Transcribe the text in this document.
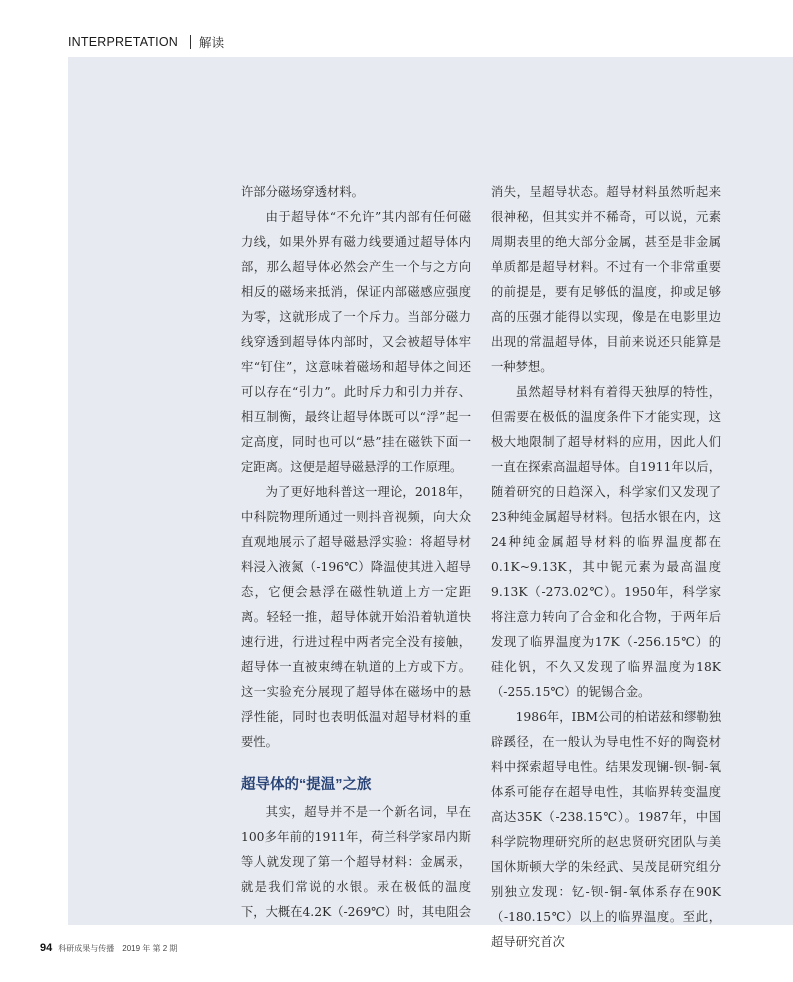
INTERPRETATION 解读

许部分磁场穿透材料。

由于超导体“不允许”其内部有任何磁力线，如果外界有磁力线要通过超导体内部，那么超导体必然会产生一个与之方向相反的磁场来抵消，保证内部磁感应强度为零，这就形成了一个斥力。当部分磁力线穿透到超导体内部时，又会被超导体牢牢“钉住”，这意味着磁场和超导体之间还可以存在“引力”。此时斥力和引力并存、相互制衡，最终让超导体既可以“浮”起一定高度，同时也可以“悬”挂在磁铁下面一定距离。这便是超导磁悬浮的工作原理。

为了更好地科普这一理论，2018年，中科院物理所通过一则抖音视频，向大众直观地展示了超导磁悬浮实验：将超导材料浸入液氮（-196℃）降温使其进入超导态，它便会悬浮在磁性轨道上方一定距离。轻轻一推，超导体就开始沿着轨道快速行进，行进过程中两者完全没有接触，超导体一直被束缚在轨道的上方或下方。这一实验充分展现了超导体在磁场中的悬浮性能，同时也表明低温对超导材料的重要性。

超导体的“提温”之旅

其实，超导并不是一个新名词，早在100多年前的1911年，荷兰科学家昂内斯等人就发现了第一个超导材料：金属汞，就是我们常说的水银。汞在极低的温度下，大概在4.2K（-269℃）时，其电阻会

消失，呈超导状态。超导材料虽然听起来很神秘，但其实并不稀奇，可以说，元素周期表里的绝大部分金属，甚至是非金属单质都是超导材料。不过有一个非常重要的前提是，要有足够低的温度，抑或足够高的压强才能得以实现，像是在电影里边出现的常温超导体，目前来说还只能算是一种梦想。

虽然超导材料有着得天独厚的特性，但需要在极低的温度条件下才能实现，这极大地限制了超导材料的应用，因此人们一直在探索高温超导体。自1911年以后，随着研究的日趋深入，科学家们又发现了23种纯金属超导材料。包括水银在内，这24种纯金属超导材料的临界温度都在0.1K~9.13K，其中铌元素为最高温度9.13K（-273.02℃）。1950年，科学家将注意力转向了合金和化合物，于两年后发现了临界温度为17K（-256.15℃）的硅化钒，不久又发现了临界温度为18K（-255.15℃）的铌锡合金。

1986年，IBM公司的柏诺兹和缪勒独辟蹊径，在一般认为导电性不好的陶瓷材料中探索超导电性。结果发现镧-钡-铜-氧体系可能存在超导电性，其临界转变温度高达35K（-238.15℃）。1987年，中国科学院物理研究所的赵忠贤研究团队与美国休斯顿大学的朱经武、吴茂昆研究组分别独立发现：钇-钡-铜-氧体系存在90K（-180.15℃）以上的临界温度。至此，超导研究首次

94 科研成果与传播　2019 年 第 2 期
